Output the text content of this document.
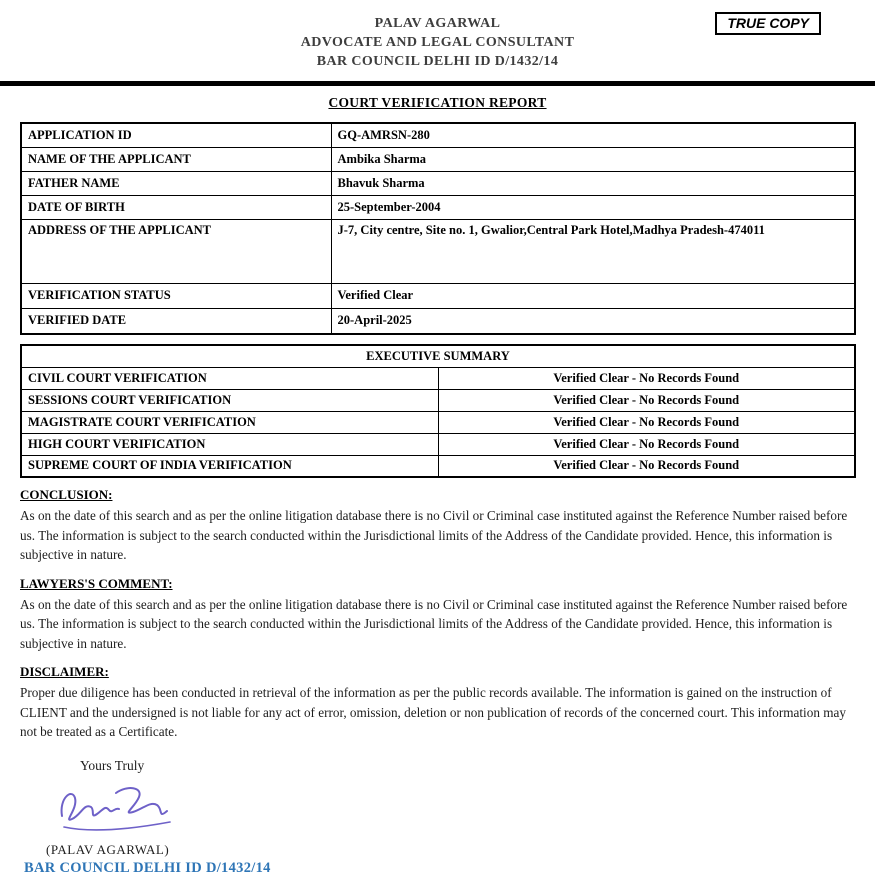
TRUE COPY
PALAV AGARWAL
ADVOCATE AND LEGAL CONSULTANT
BAR COUNCIL DELHI ID D/1432/14
COURT VERIFICATION REPORT
APPLICATION ID	GQ-AMRSN-280
NAME OF THE APPLICANT	Ambika Sharma
FATHER NAME	Bhavuk Sharma
DATE OF BIRTH	25-September-2004
ADDRESS OF THE APPLICANT	J-7, City centre, Site no. 1, Gwalior,Central Park Hotel,Madhya Pradesh-474011
VERIFICATION STATUS	Verified Clear
VERIFIED DATE	20-April-2025
EXECUTIVE SUMMARY	
CIVIL COURT VERIFICATION	Verified Clear - No Records Found
SESSIONS COURT VERIFICATION	Verified Clear - No Records Found
MAGISTRATE COURT VERIFICATION	Verified Clear - No Records Found
HIGH COURT VERIFICATION	Verified Clear - No Records Found
SUPREME COURT OF INDIA VERIFICATION	Verified Clear - No Records Found
CONCLUSION:
As on the date of this search and as per the online litigation database there is no Civil or Criminal case instituted against the Reference Number raised before us. The information is subject to the search conducted within the Jurisdictional limits of the Address of the Candidate provided. Hence, this information is subjective in nature.
LAWYERS'S COMMENT:
As on the date of this search and as per the online litigation database there is no Civil or Criminal case instituted against the Reference Number raised before us. The information is subject to the search conducted within the Jurisdictional limits of the Address of the Candidate provided. Hence, this information is subjective in nature.
DISCLAIMER:
Proper due diligence has been conducted in retrieval of the information as per the public records available. The information is gained on the instruction of CLIENT and the undersigned is not liable for any act of error, omission, deletion or non publication of records of the concerned court. This information may not be treated as a Certificate.
Yours Truly
(PALAV AGARWAL)
BAR COUNCIL DELHI ID D/1432/14
